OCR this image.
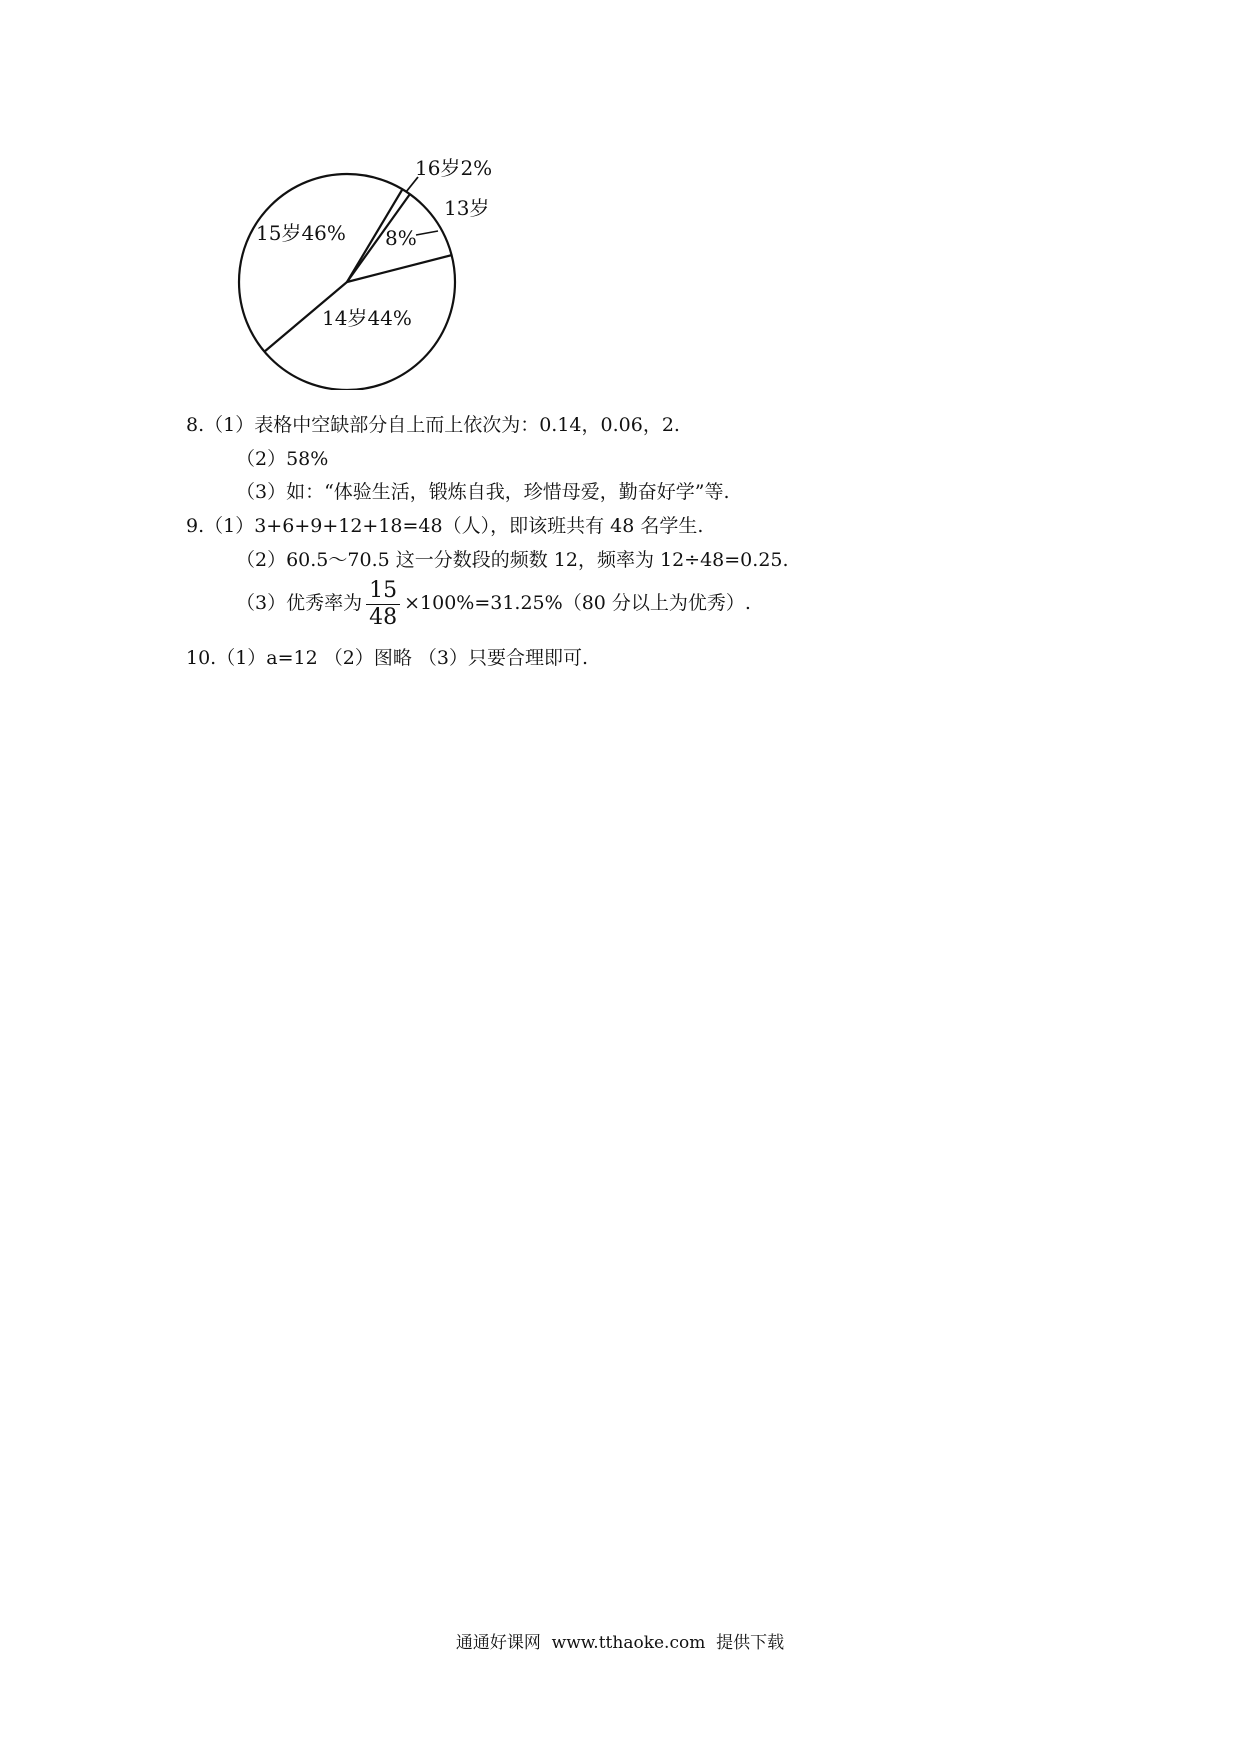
15岁46%
14岁44%
8%
16岁2%
13岁
8.（1）表格中空缺部分自上而上依次为：0.14，0.06，2.
（2）58%
（3）如：“体验生活，锻炼自我，珍惜母爱，勤奋好学”等.
9.（1）3+6+9+12+18=48（人），即该班共有 48 名学生.
（2）60.5～70.5 这一分数段的频数 12，频率为 12÷48=0.25.
（3）优秀率为 $\frac{15}{48} \times 100\%=31.25\%(80$ 分以上为优秀）.
10.（1）a=12 （2）图略 （3）只要合理即可.
通通好课网  www.tthaoke.com  提供下载
